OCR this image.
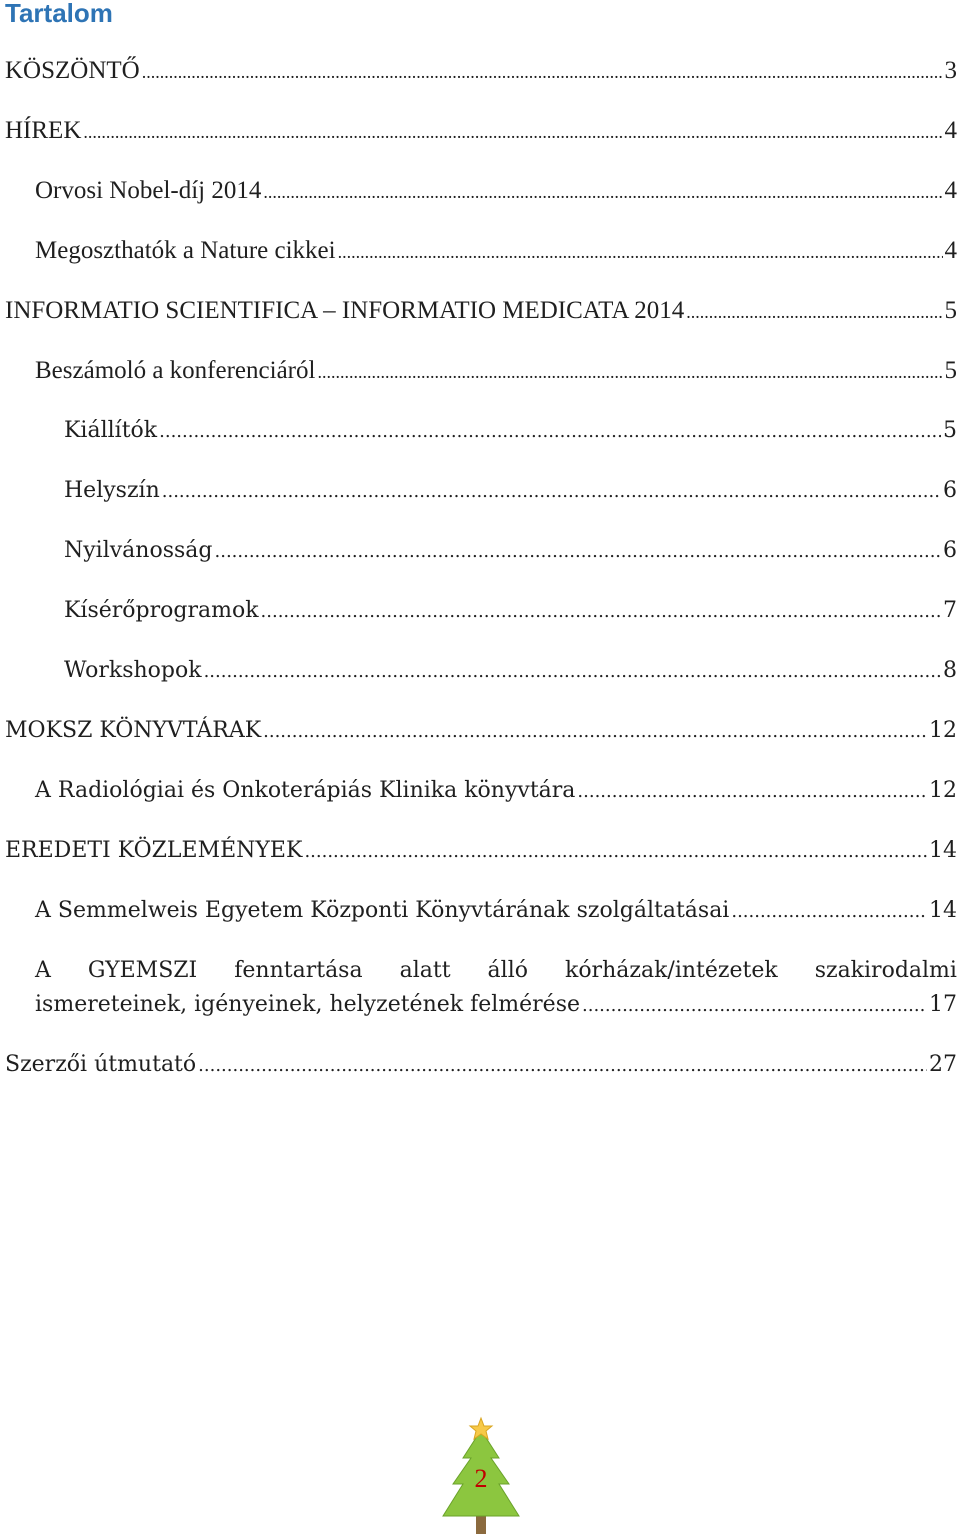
Tartalom
KÖSZÖNTŐ .....	3
HÍREK .....	4
Orvosi Nobel-díj 2014 .....	4
Megoszthatók a Nature cikkei .....	4
INFORMATIO SCIENTIFICA – INFORMATIO MEDICATA 2014 .....	5
Beszámoló a konferenciáról .....	5
Kiállítók .....	5
Helyszín .....	6
Nyilvánosság .....	6
Kísérőprogramok .....	7
Workshopok .....	8
MOKSZ KÖNYVTÁRAK .....	12
A Radiológiai és Onkoterápiás Klinika könyvtára .....	12
EREDETI KÖZLEMÉNYEK .....	14
A Semmelweis Egyetem Központi Könyvtárának szolgáltatásai .....	14
A GYEMSZI fenntartása alatt álló kórházak/intézetek szakirodalmi
ismereteinek, igényeinek, helyzetének felmérése .....	17
Szerzői útmutató .....	27
2
